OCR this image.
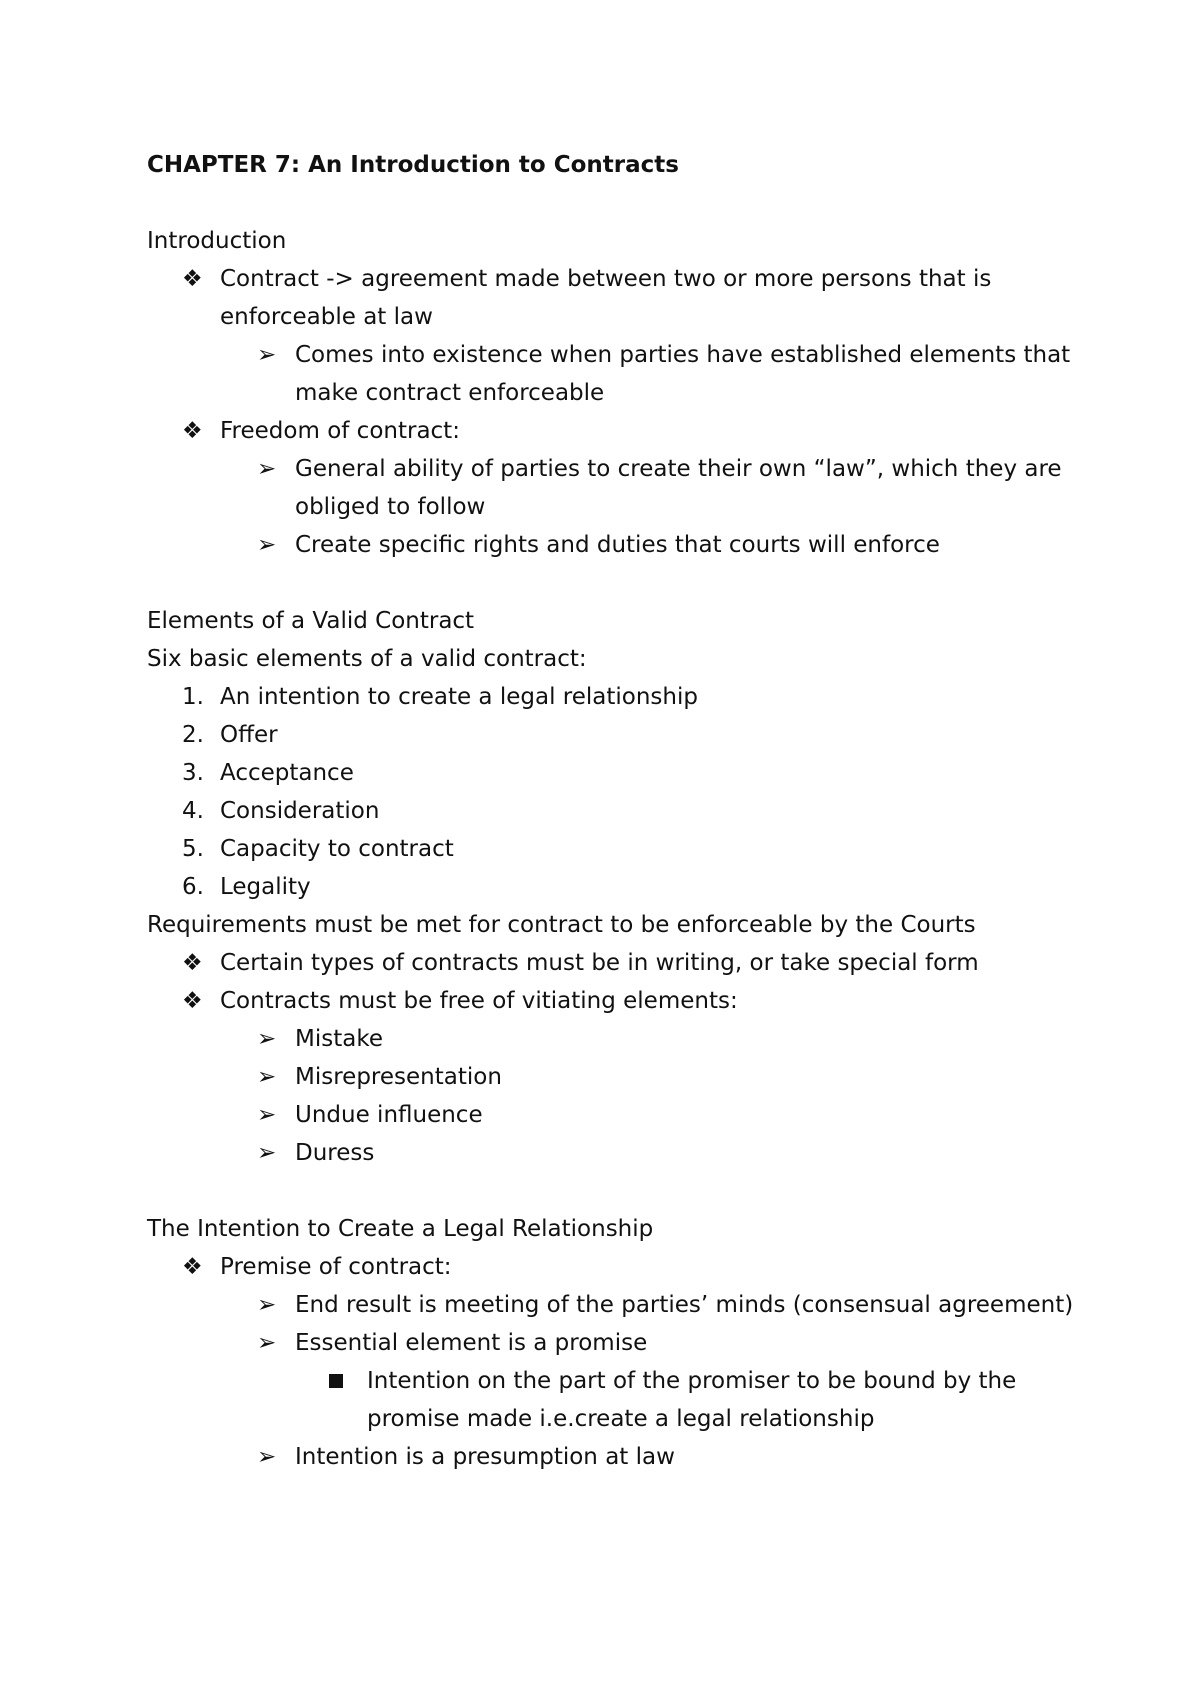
CHAPTER 7: An Introduction to Contracts

Introduction

❖ Contract -> agreement made between two or more persons that is enforceable at law
➢ Comes into existence when parties have established elements that make contract enforceable
❖ Freedom of contract:
➢ General ability of parties to create their own “law”, which they are obliged to follow
➢ Create specific rights and duties that courts will enforce

Elements of a Valid Contract

Six basic elements of a valid contract:

1. An intention to create a legal relationship
2. Offer
3. Acceptance
4. Consideration
5. Capacity to contract
6. Legality

Requirements must be met for contract to be enforceable by the Courts

❖ Certain types of contracts must be in writing, or take special form
❖ Contracts must be free of vitiating elements:
➢ Mistake
➢ Misrepresentation
➢ Undue influence
➢ Duress

The Intention to Create a Legal Relationship

❖ Premise of contract:
➢ End result is meeting of the parties’ minds (consensual agreement)
➢ Essential element is a promise
Intention on the part of the promiser to be bound by the promise made i.e.create a legal relationship
➢ Intention is a presumption at law
